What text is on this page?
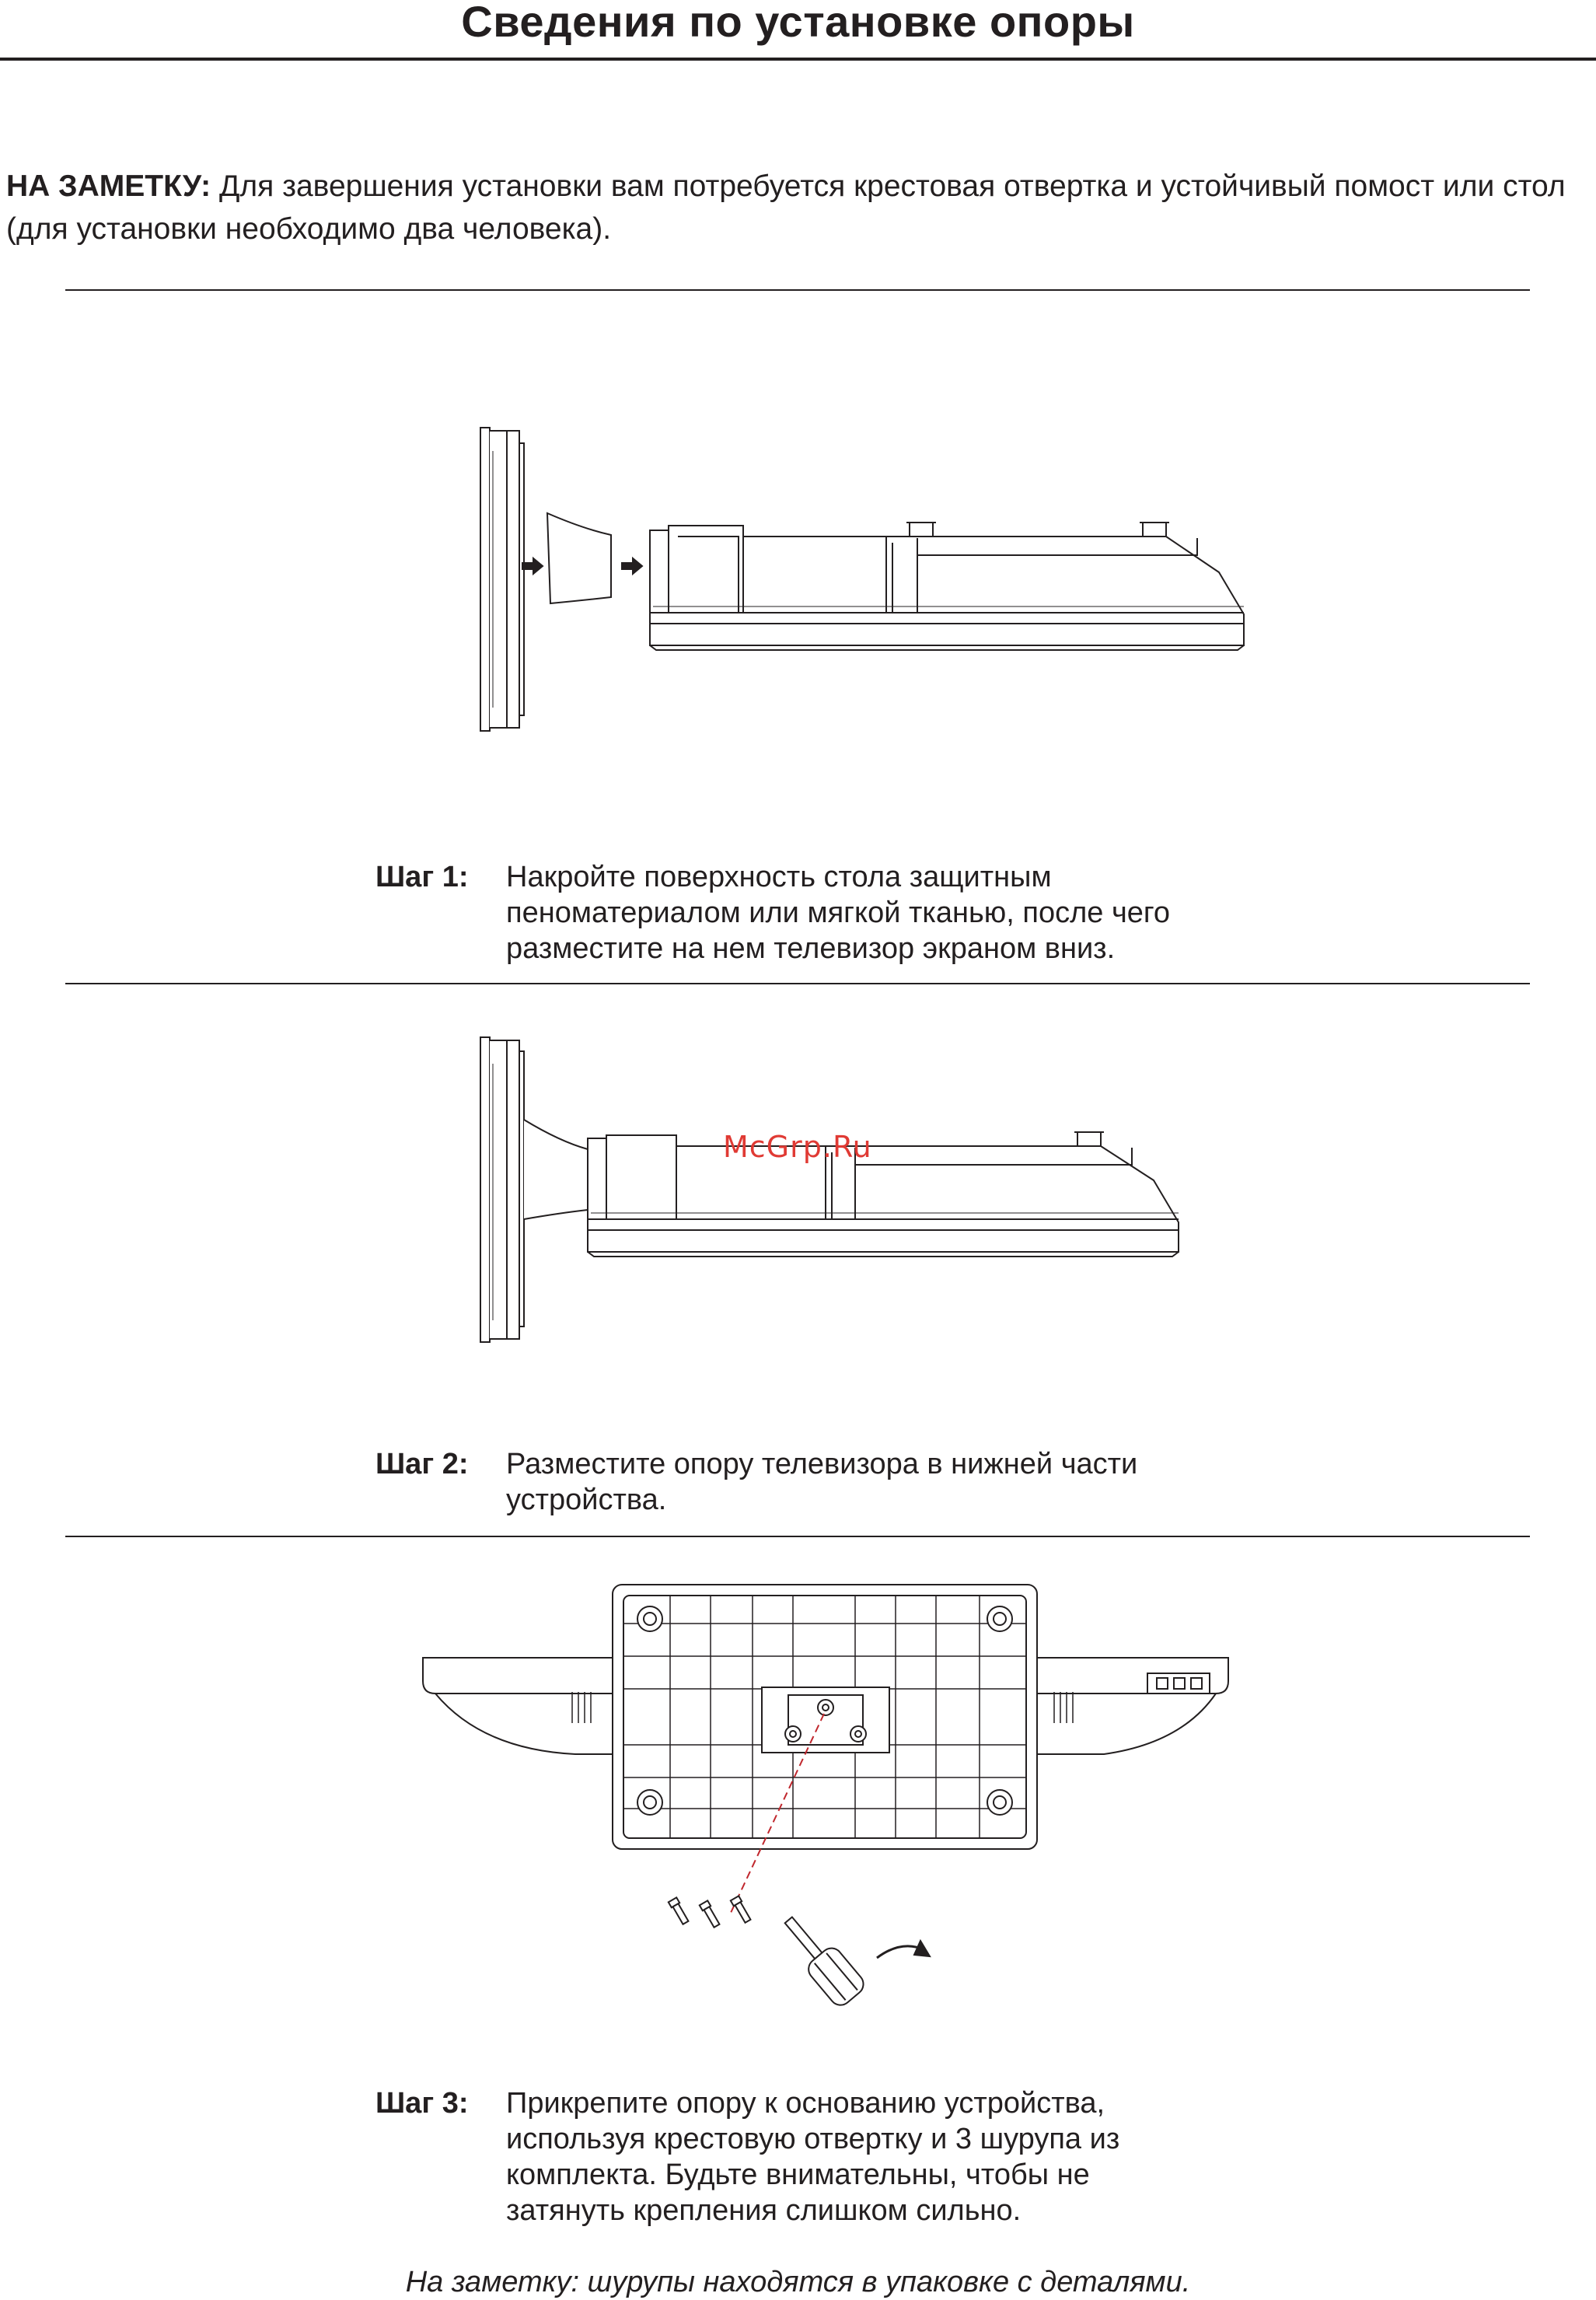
Сведения по установке опоры
НА ЗАМЕТКУ: Для завершения установки вам потребуется крестовая отвертка и устойчивый помост или стол (для установки необходимо два человека).
Шаг 1: Накройте поверхность стола защитным
пеноматериалом или мягкой тканью, после чего
разместите на нем телевизор экраном вниз.
McGrp.Ru
Шаг 2: Разместите опору телевизора в нижней части
устройства.
Шаг 3: Прикрепите опору к основанию устройства,
используя крестовую отвертку и 3 шурупа из
комплекта. Будьте внимательны, чтобы не
затянуть крепления слишком сильно.
На заметку: шурупы находятся в упаковке с деталями.
